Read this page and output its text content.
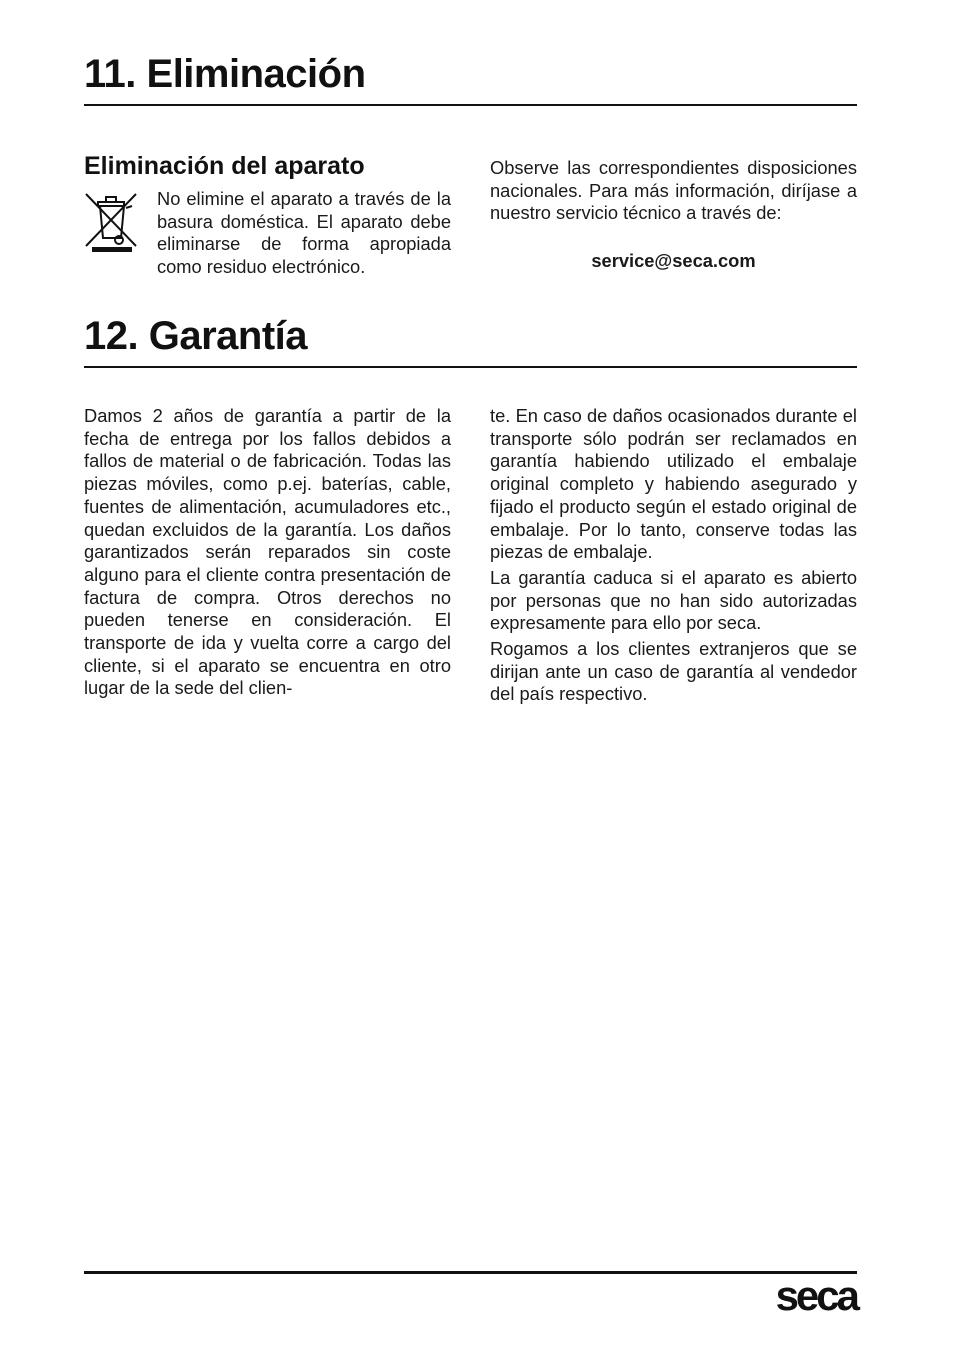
11. Eliminación
Eliminación del aparato

No elimine el aparato a través de la basura doméstica. El aparato debe eliminarse de forma apropiada como residuo electrónico.

Observe las correspondientes disposiciones nacionales. Para más información, diríjase a nuestro servicio técnico a través de:

service@seca.com
12. Garantía

Damos 2 años de garantía a partir de la fecha de entrega por los fallos debidos a fallos de material o de fabricación. Todas las piezas móviles, como p.ej. baterías, cable, fuentes de alimentación, acumuladores etc., quedan excluidos de la garantía. Los daños garantizados serán reparados sin coste alguno para el cliente contra presentación de factura de compra. Otros derechos no pueden tenerse en consideración. El transporte de ida y vuelta corre a cargo del cliente, si el aparato se encuentra en otro lugar de la sede del clien-

te. En caso de daños ocasionados durante el transporte sólo podrán ser reclamados en garantía habiendo utilizado el embalaje original completo y habiendo asegurado y fijado el producto según el estado original de embalaje. Por lo tanto, conserve todas las piezas de embalaje.

La garantía caduca si el aparato es abierto por personas que no han sido autorizadas expresamente para ello por seca.

Rogamos a los clientes extranjeros que se dirijan ante un caso de garantía al vendedor del país respectivo.

seca
